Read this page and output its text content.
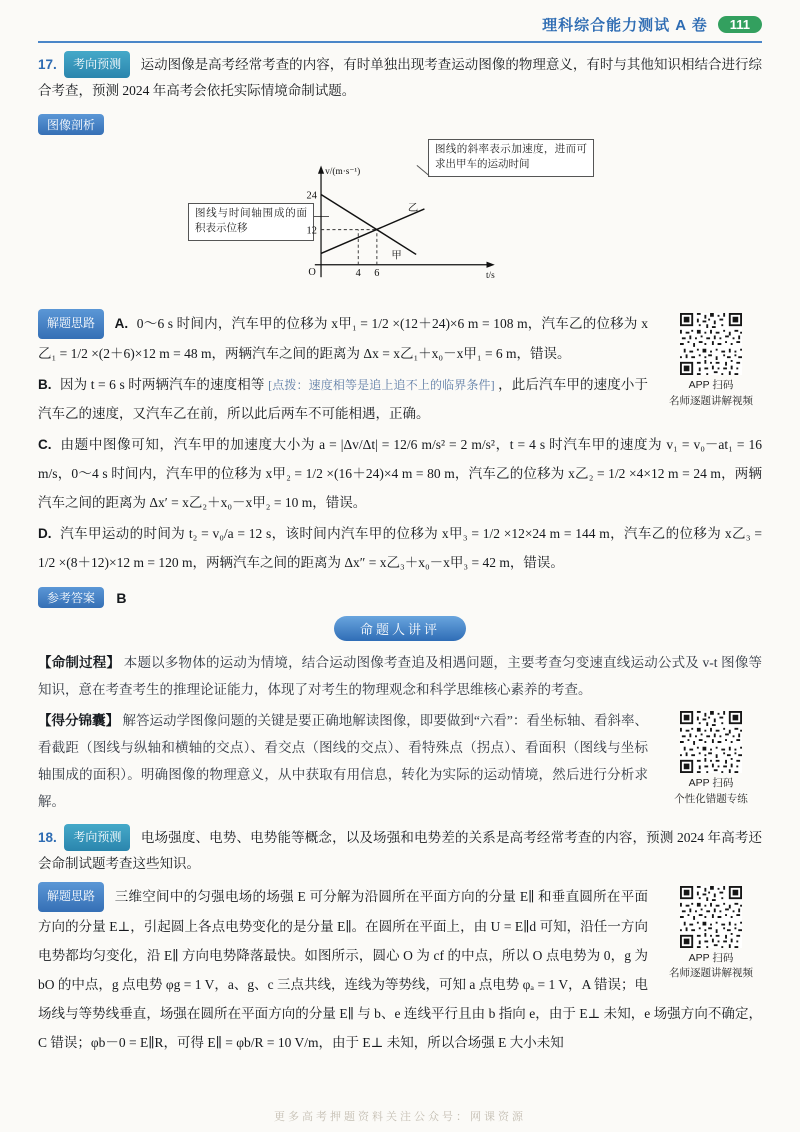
理科综合能力测试 A 卷	111

17. 考向预测 运动图像是高考经常考查的内容，有时单独出现考查运动图像的物理意义，有时与其他知识相结合进行综合考查，预测 2024 年高考会依托实际情境命制试题。

图像剖析
图线与时间轴围成的面积表示位移
图线的斜率表示加速度，进而可求出甲车的运动时间
v/(m·s⁻¹)
24
12
O	4 6	t/s
甲
乙
APP 扫码
名师逐题讲解视频

解题思路 A. 0～6 s 时间内，汽车甲的位移为 x甲₁ = 1/2 ×(12＋24)×6 m = 108 m，汽车乙的位移为 x乙₁ = 1/2 ×(2＋6)×12 m = 48 m，两辆汽车之间的距离为 Δx = x乙₁＋x₀－x甲₁ = 6 m，错误。

B. 因为 t = 6 s 时两辆汽车的速度相等 [点拨：速度相等是追上追不上的临界条件] ，此后汽车甲的速度小于汽车乙的速度，又汽车乙在前，所以此后两车不可能相遇，正确。

C. 由题中图像可知，汽车甲的加速度大小为 a = |Δv/Δt| = 12/6 m/s² = 2 m/s²，t = 4 s 时汽车甲的速度为 v₁ = v₀－at₁ = 16 m/s，0～4 s 时间内，汽车甲的位移为 x甲₂ = 1/2 ×(16＋24)×4 m = 80 m，汽车乙的位移为 x乙₂ = 1/2 ×4×12 m = 24 m，两辆汽车之间的距离为 Δx′ = x乙₂＋x₀－x甲₂ = 10 m，错误。

D. 汽车甲运动的时间为 t₂ = v₀/a = 12 s，该时间内汽车甲的位移为 x甲₃ = 1/2 ×12×24 m = 144 m，汽车乙的位移为 x乙₃ = 1/2 ×(8＋12)×12 m = 120 m，两辆汽车之间的距离为 Δx″ = x乙₃＋x₀－x甲₃ = 42 m，错误。

参考答案 B

命题人讲评

【命制过程】 本题以多物体的运动为情境，结合运动图像考查追及相遇问题，主要考查匀变速直线运动公式及 v-t 图像等知识，意在考查考生的推理论证能力，体现了对考生的物理观念和科学思维核心素养的考查。

APP 扫码
个性化错题专练

【得分锦囊】 解答运动学图像问题的关键是要正确地解读图像，即要做到“六看”：看坐标轴、看斜率、看截距（图线与纵轴和横轴的交点）、看交点（图线的交点）、看特殊点（拐点）、看面积（图线与坐标轴围成的面积）。明确图像的物理意义，从中获取有用信息，转化为实际的运动情境，然后进行分析求解。

18. 考向预测 电场强度、电势、电势能等概念，以及场强和电势差的关系是高考经常考查的内容，预测 2024 年高考还会命制试题考查这些知识。

APP 扫码
名师逐题讲解视频

解题思路 三维空间中的匀强电场的场强 E 可分解为沿圆所在平面方向的分量 E∥ 和垂直圆所在平面方向的分量 E⊥，引起圆上各点电势变化的是分量 E∥。在圆所在平面上，由 U = E∥d 可知，沿任一方向电势都均匀变化，沿 E∥ 方向电势降落最快。如图所示，圆心 O 为 cf 的中点，所以 O 点电势为 0，g 为 bO 的中点，g 点电势 φg = 1 V，a、g、c 三点共线，连线为等势线，可知 a 点电势 φₐ = 1 V，A 错误；电场线与等势线垂直，场强在圆所在平面方向的分量 E∥ 与 b、e 连线平行且由 b 指向 e，由于 E⊥ 未知，e 场强方向不确定，C 错误；φb－0 = E∥R，可得 E∥ = φb/R = 10 V/m，由于 E⊥ 未知，所以合场强 E 大小未知

更多高考押题资料关注公众号：网课资源
